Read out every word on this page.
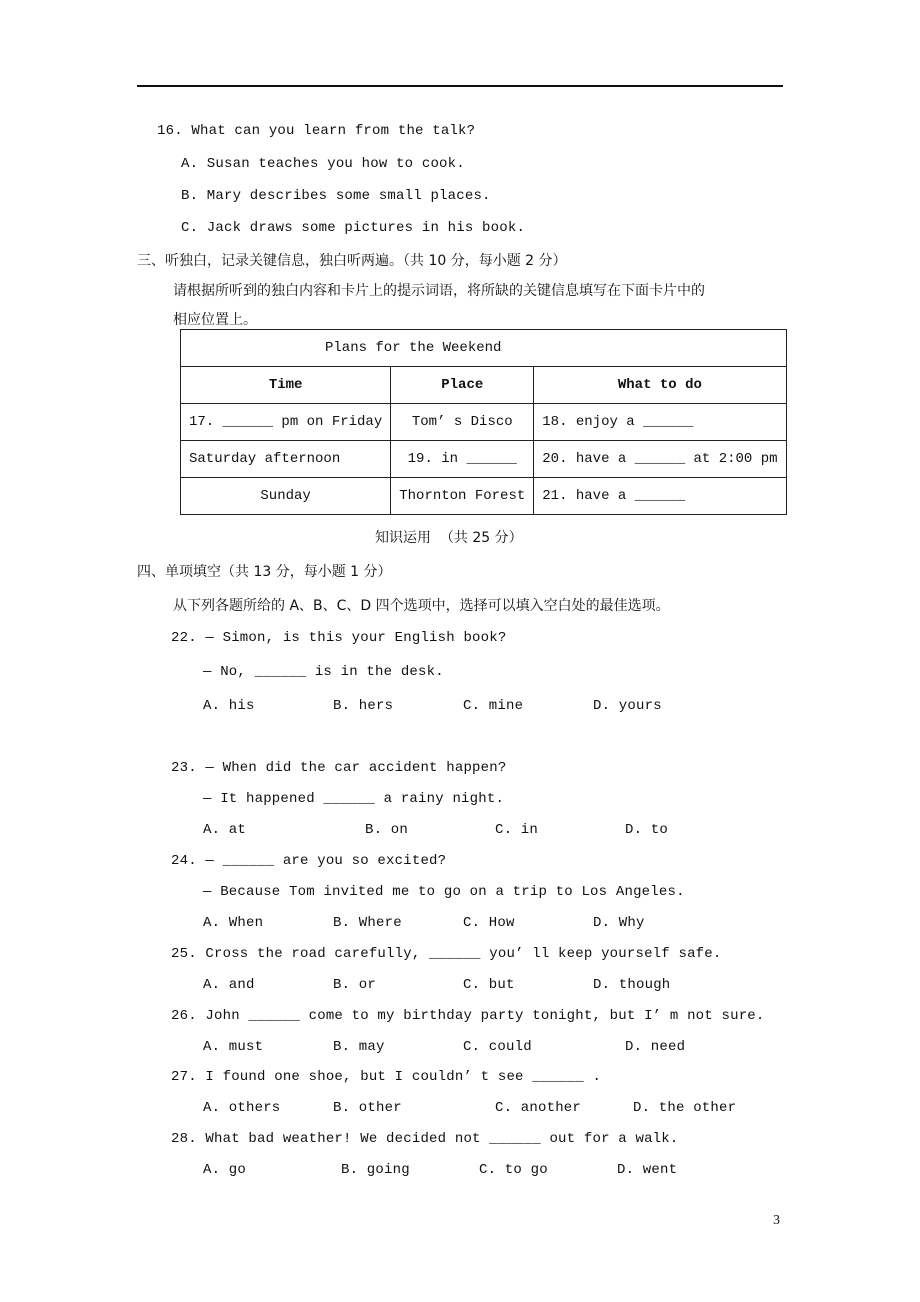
16. What can you learn from the talk?
A. Susan teaches you how to cook.
B. Mary describes some small places.
C. Jack draws some pictures in his book.
三、听独白，记录关键信息，独白听两遍。（共 10 分，每小题 2 分）
请根据所听到的独白内容和卡片上的提示词语，将所缺的关键信息填写在下面卡片中的
相应位置上。
Plans for the Weekend		
Time	Place	What to do
17. ______ pm on Friday	Tom’ s Disco	18. enjoy a ______
Saturday afternoon	19. in ______	20. have a ______ at 2:00 pm
Sunday	Thornton Forest	21. have a ______
知识运用  （共 25 分）
四、单项填空（共 13 分，每小题 1 分）
从下列各题所给的 A、B、C、D 四个选项中，选择可以填入空白处的最佳选项。
22. — Simon, is this your English book?
— No, ______ is in the desk.
A. his	B. hers	C. mine	D. yours
23. — When did the car accident happen?
— It happened ______ a rainy night.
A. at	B. on	C. in	D. to
24. — ______ are you so excited?
— Because Tom invited me to go on a trip to Los Angeles.
A. When	B. Where	C. How	D. Why
25. Cross the road carefully, ______ you’ ll keep yourself safe.
A. and	B. or	C. but	D. though
26. John ______ come to my birthday party tonight, but I’ m not sure.
A. must	B. may	C. could	D. need
27. I found one shoe, but I couldn’ t see ______ .
A. others	B. other	C. another	D. the other
28. What bad weather! We decided not ______ out for a walk.
A. go	B. going	C. to go	D. went
3
